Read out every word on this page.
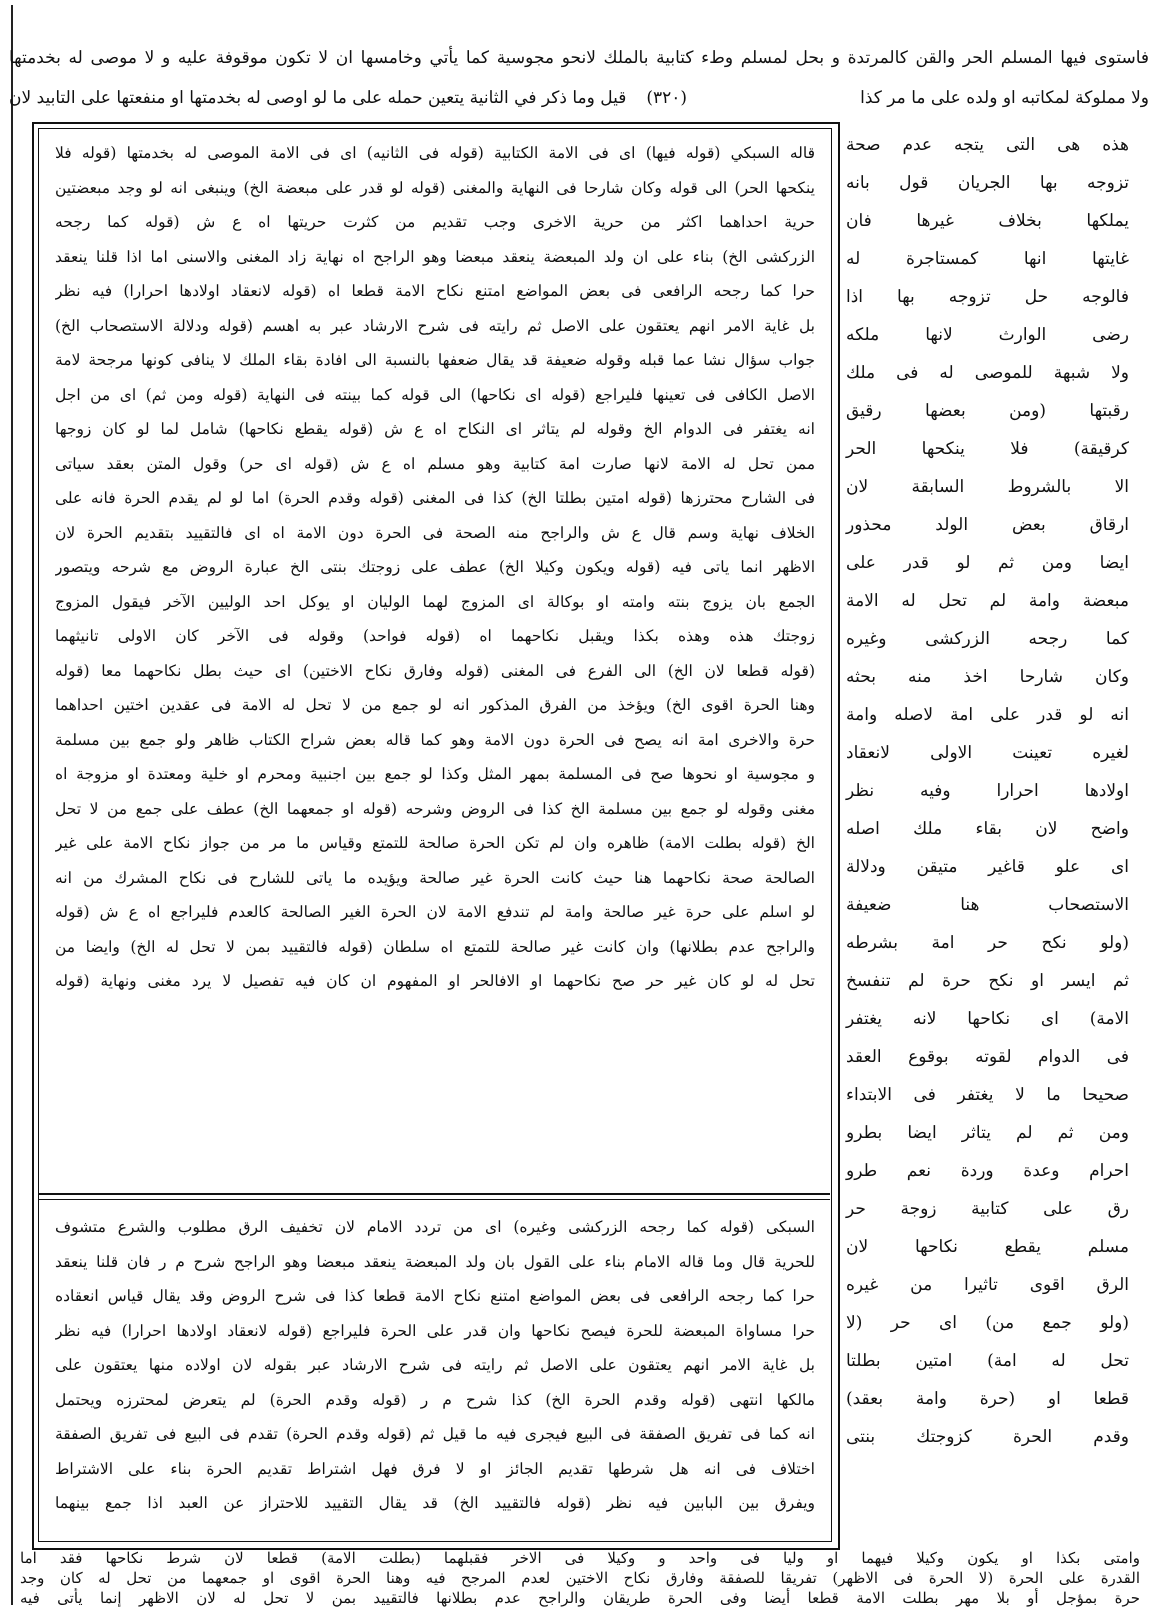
فاستوى فيها المسلم الحر والقن كالمرتدة و بحل لمسلم وطء كتابية بالملك لانحو مجوسية كما يأتي وخامسها ان لا تكون موقوفة عليه و لا موصى له بخدمتها
ولا مملوكة لمكاتبه او ولده على ما مر كذا
(۳۲۰)
قيل وما ذكر في الثانية يتعين حمله على ما لو اوصى له بخدمتها او منفعتها على التابيد لان
قاله السبكي (قوله فيها) اى فى الامة الكتابية (قوله فى الثانيه) اى فى الامة الموصى له بخدمتها (قوله فلا
ينكحها الحر) الى قوله وكان شارحا فى النهاية والمغنى (قوله لو قدر على مبعضة الخ) وينبغى انه لو وجد مبعضتين
حرية احداهما اكثر من حرية الاخرى وجب تقديم من كثرت حريتها اه ع ش (قوله كما رجحه
الزركشى الخ) بناء على ان ولد المبعضة ينعقد مبعضا وهو الراجح اه نهاية زاد المغنى والاسنى اما اذا قلنا ينعقد
حرا كما رجحه الرافعى فى بعض المواضع امتنع نكاح الامة قطعا اه (قوله لانعقاد اولادها احرارا) فيه نظر
بل غاية الامر انهم يعتقون على الاصل ثم رايته فى شرح الارشاد عبر به اهسم (قوله ودلالة الاستصحاب الخ)
جواب سؤال نشا عما قبله وقوله ضعيفة قد يقال ضعفها بالنسبة الى افادة بقاء الملك لا ينافى كونها مرجحة لامة
الاصل الكافى فى تعينها فليراجع (قوله اى نكاحها) الى قوله كما بينته فى النهاية (قوله ومن ثم) اى من اجل
انه يغتفر فى الدوام الخ وقوله لم يتاثر اى النكاح اه ع ش (قوله يقطع نكاحها) شامل لما لو كان زوجها
ممن تحل له الامة لانها صارت امة كتابية وهو مسلم اه ع ش (قوله اى حر) وقول المتن بعقد سياتى
فى الشارح محترزها (قوله امتين بطلتا الخ) كذا فى المغنى (قوله وقدم الحرة) اما لو لم يقدم الحرة فانه على
الخلاف نهاية وسم قال ع ش والراجح منه الصحة فى الحرة دون الامة اه اى فالتقييد بتقديم الحرة لان
الاظهر انما ياتى فيه (قوله ويكون وكيلا الخ) عطف على زوجتك بنتى الخ عبارة الروض مع شرحه ويتصور
الجمع بان يزوج بنته وامته او بوكالة اى المزوج لهما الوليان او يوكل احد الوليين الآخر فيقول المزوج
زوجتك هذه وهذه بكذا ويقبل نكاحهما اه (قوله فواحد) وقوله فى الآخر كان الاولى تانيثهما
(قوله قطعا لان الخ) الى الفرع فى المغنى (قوله وفارق نكاح الاختين) اى حيث بطل نكاحهما معا (قوله
وهنا الحرة اقوى الخ) ويؤخذ من الفرق المذكور انه لو جمع من لا تحل له الامة فى عقدين اختين احداهما
حرة والاخرى امة انه يصح فى الحرة دون الامة وهو كما قاله بعض شراح الكتاب ظاهر ولو جمع بين مسلمة
و مجوسية او نحوها صح فى المسلمة بمهر المثل وكذا لو جمع بين اجنبية ومحرم او خلية ومعتدة او مزوجة اه
مغنى وقوله لو جمع بين مسلمة الخ كذا فى الروض وشرحه (قوله او جمعهما الخ) عطف على جمع من لا تحل
الخ (قوله بطلت الامة) ظاهره وان لم تكن الحرة صالحة للتمتع وقياس ما مر من جواز نكاح الامة على غير
الصالحة صحة نكاحهما هنا حيث كانت الحرة غير صالحة ويؤيده ما ياتى للشارح فى نكاح المشرك من انه
لو اسلم على حرة غير صالحة وامة لم تندفع الامة لان الحرة الغير الصالحة كالعدم فليراجع اه ع ش (قوله
والراجح عدم بطلانها) وان كانت غير صالحة للتمتع اه سلطان (قوله فالتقييد بمن لا تحل له الخ) وايضا من
تحل له لو كان غير حر صح نكاحهما او الافالحر او المفهوم ان كان فيه تفصيل لا يرد مغنى ونهاية (قوله
السبكى (قوله كما رجحه الزركشى وغيره) اى من تردد الامام لان تخفيف الرق مطلوب والشرع متشوف
للحرية قال وما قاله الامام بناء على القول بان ولد المبعضة ينعقد مبعضا وهو الراجح شرح م ر فان قلنا ينعقد
حرا كما رجحه الرافعى فى بعض المواضع امتنع نكاح الامة قطعا كذا فى شرح الروض وقد يقال قياس انعقاده
حرا مساواة المبعضة للحرة فيصح نكاحها وان قدر على الحرة فليراجع (قوله لانعقاد اولادها احرارا) فيه نظر
بل غاية الامر انهم يعتقون على الاصل ثم رايته فى شرح الارشاد عبر بقوله لان اولاده منها يعتقون على
مالكها انتهى (قوله وقدم الحرة الخ) كذا شرح م ر (قوله وقدم الحرة) لم يتعرض لمحترزه ويحتمل
انه كما فى تفريق الصفقة فى البيع فيجرى فيه ما قيل ثم (قوله وقدم الحرة) تقدم فى البيع فى تفريق الصفقة
اختلاف فى انه هل شرطها تقديم الجائز او لا فرق فهل اشتراط تقديم الحرة بناء على الاشتراط
ويفرق بين البابين فيه نظر (قوله فالتقييد الخ) قد يقال التقييد للاحتراز عن العبد اذا جمع بينهما
هذه هى التى يتجه عدم صحة
تزوجه بها الجريان قول بانه
يملكها بخلاف غيرها فان
غايتها انها كمستاجرة له
فالوجه حل تزوجه بها اذا
رضى الوارث لانها ملكه
ولا شبهة للموصى له فى ملك
رقبتها (ومن بعضها رقيق
كرقيقة) فلا ينكحها الحر
الا بالشروط السابقة لان
ارقاق بعض الولد محذور
ايضا ومن ثم لو قدر على
مبعضة وامة لم تحل له الامة
كما رجحه الزركشى وغيره
وكان شارحا اخذ منه بحثه
انه لو قدر على امة لاصله وامة
لغيره تعينت الاولى لانعقاد
اولادها احرارا وفيه نظر
واضح لان بقاء ملك اصله
اى علو قاغير متيقن ودلالة
الاستصحاب هنا ضعيفة
(ولو نكح حر امة بشرطه
ثم ايسر او نكح حرة لم تنفسخ
الامة) اى نكاحها لانه يغتفر
فى الدوام لقوته بوقوع العقد
صحيحا ما لا يغتفر فى الابتداء
ومن ثم لم يتاثر ايضا بطرو
احرام وعدة وردة نعم طرو
رق على كتابية زوجة حر
مسلم يقطع نكاحها لان
الرق اقوى تاثيرا من غيره
(ولو جمع من) اى حر (لا
تحل له امة) امتين بطلتا
قطعا او (حرة وامة بعقد)
وقدم الحرة كزوجتك بنتى
وامتى بكذا او يكون وكيلا فيهما او وليا فى واحد و وكيلا فى الاخر فقبلهما (بطلت الامة) قطعا لان شرط نكاحها فقد اما
القدرة على الحرة (لا الحرة فى الاظهر) تفريقا للصفقة وفارق نكاح الاختين لعدم المرجح فيه وهنا الحرة اقوى او جمعهما من تحل له كان وجد
حرة بمؤجل أو بلا مهر بطلت الامة قطعا أيضا وفى الحرة طريقان والراجح عدم بطلانها فالتقييد بمن لا تحل له لان الاظهر إنما يأتى فيه
